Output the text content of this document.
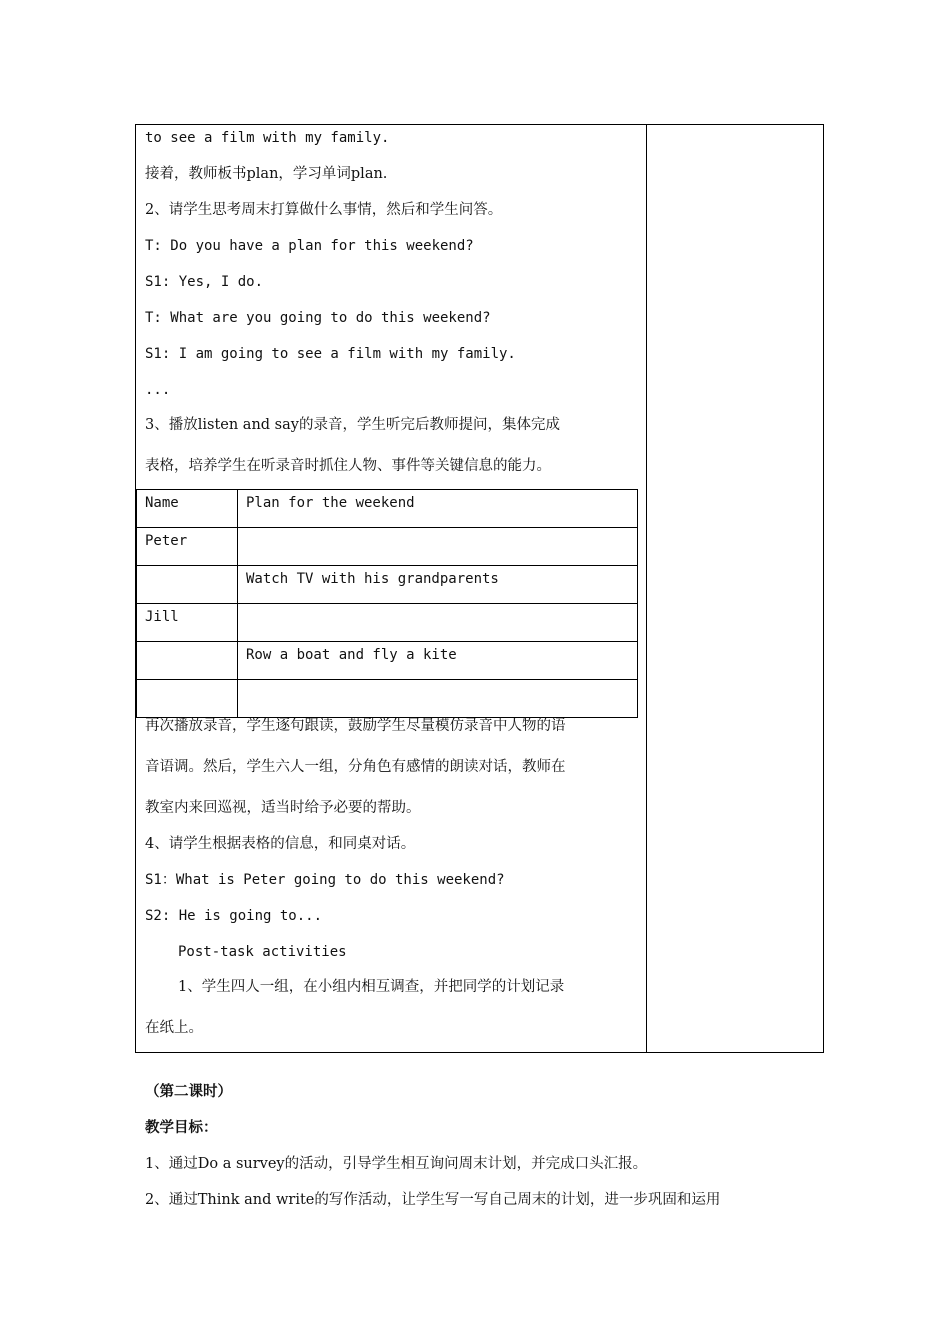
to see a film with my family.
接着，教师板书plan，学习单词plan.
2、请学生思考周末打算做什么事情，然后和学生问答。
T: Do you have a plan for this weekend?
S1: Yes, I do.
T: What are you going to do this weekend?
S1: I am going to see a film with my family.
...
3、播放listen and say的录音，学生听完后教师提问，集体完成
表格，培养学生在听录音时抓住人物、事件等关键信息的能力。
Name	Plan for the weekend
Peter	
	Watch TV with his grandparents
Jill	
	Row a boat and fly a kite

再次播放录音，学生逐句跟读，鼓励学生尽量模仿录音中人物的语
音语调。然后，学生六人一组，分角色有感情的朗读对话，教师在
教室内来回巡视，适当时给予必要的帮助。
4、请学生根据表格的信息，和同桌对话。
S1：What is Peter going to do this weekend?
S2: He is going to...
Post-task activities
1、学生四人一组，在小组内相互调查，并把同学的计划记录
在纸上。
（第二课时）
教学目标：
1、通过Do a survey的活动，引导学生相互询问周末计划，并完成口头汇报。
2、通过Think and write的写作活动，让学生写一写自己周末的计划，进一步巩固和运用
